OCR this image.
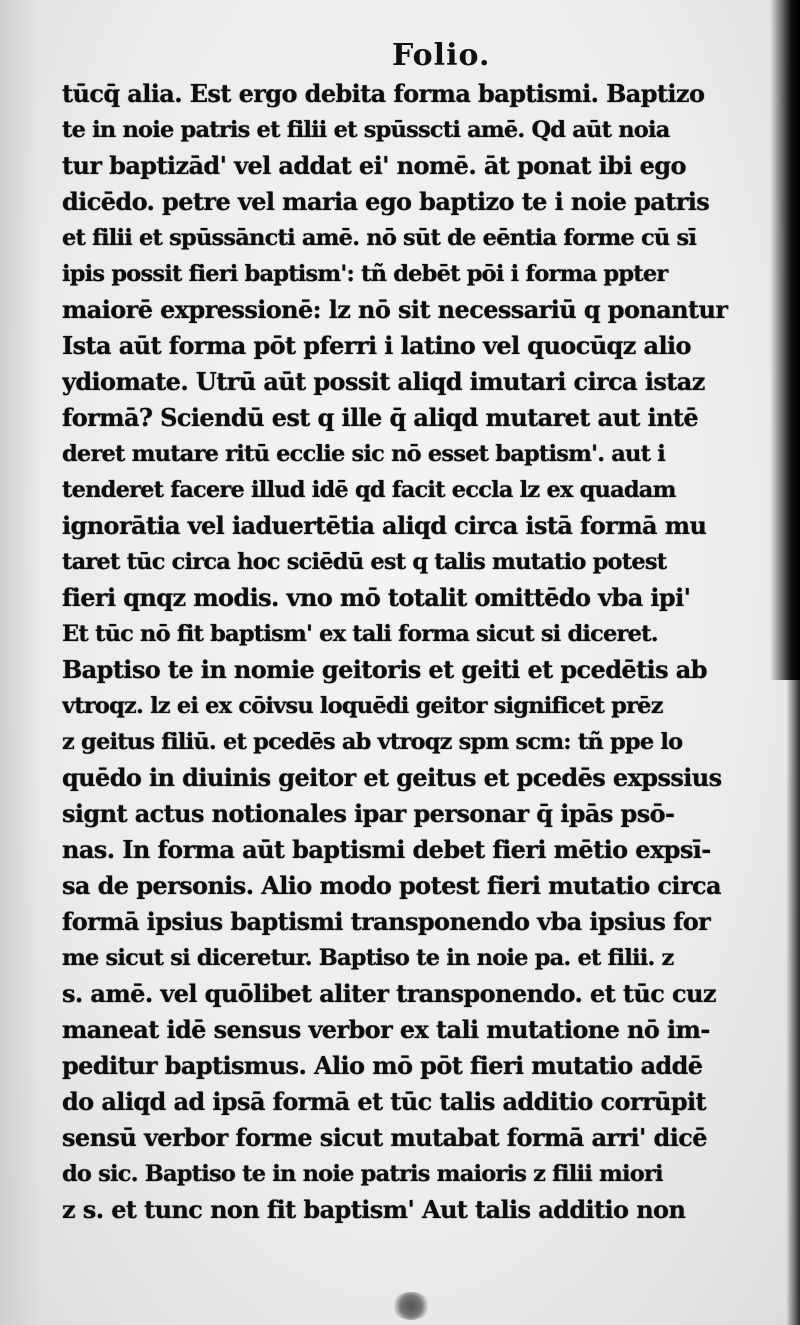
Folio.
tūcq̄ alia. Est ergo debita forma baptismi. Baptizo
te in noie patris et filii et spūsscti amē. Qd aūt noia
tur baptizād' vel addat ei' nomē. āt ponat ibi ego
dicēdo. petre vel maria ego baptizo te i noie patris
et filii et spūssāncti amē. nō sūt de eēntia forme cū sī
ipis possit fieri baptism': tñ debēt pōi i forma ppter
maiorē expressionē: lz nō sit necessariū q ponantur
Ista aūt forma pōt pferri i latino vel quocūqz alio
ydiomate. Utrū aūt possit aliqd imutari circa istaz
formā? Sciendū est q ille q̄ aliqd mutaret aut intē
deret mutare ritū ecclie sic nō esset baptism'. aut i
tenderet facere illud idē qd facit eccla lz ex quadam
ignorātia vel iaduertētia aliqd circa istā formā mu
taret tūc circa hoc sciēdū est q talis mutatio potest
fieri qnqz modis. vno mō totalit omittēdo vba ipi'
Et tūc nō fit baptism' ex tali forma sicut si diceret.
Baptiso te in nomie geitoris et geiti et pcedētis ab
vtroqz. lz ei ex cōivsu loquēdi geitor significet prēz
z geitus filiū. et pcedēs ab vtroqz spm scm: tñ ppe lo
quēdo in diuinis geitor et geitus et pcedēs expssius
signt actus notionales ipar personar q̄ ipās psō-
nas. In forma aūt baptismi debet fieri mētio expsī-
sa de personis. Alio modo potest fieri mutatio circa
formā ipsius baptismi transponendo vba ipsius for
me sicut si diceretur. Baptiso te in noie pa. et filii. z
s. amē. vel quōlibet aliter transponendo. et tūc cuz
maneat idē sensus verbor ex tali mutatione nō im-
peditur baptismus. Alio mō pōt fieri mutatio addē
do aliqd ad ipsā formā et tūc talis additio corrūpit
sensū verbor forme sicut mutabat formā arri' dicē
do sic. Baptiso te in noie patris maioris z filii miori
z s. et tunc non fit baptism' Aut talis additio non
